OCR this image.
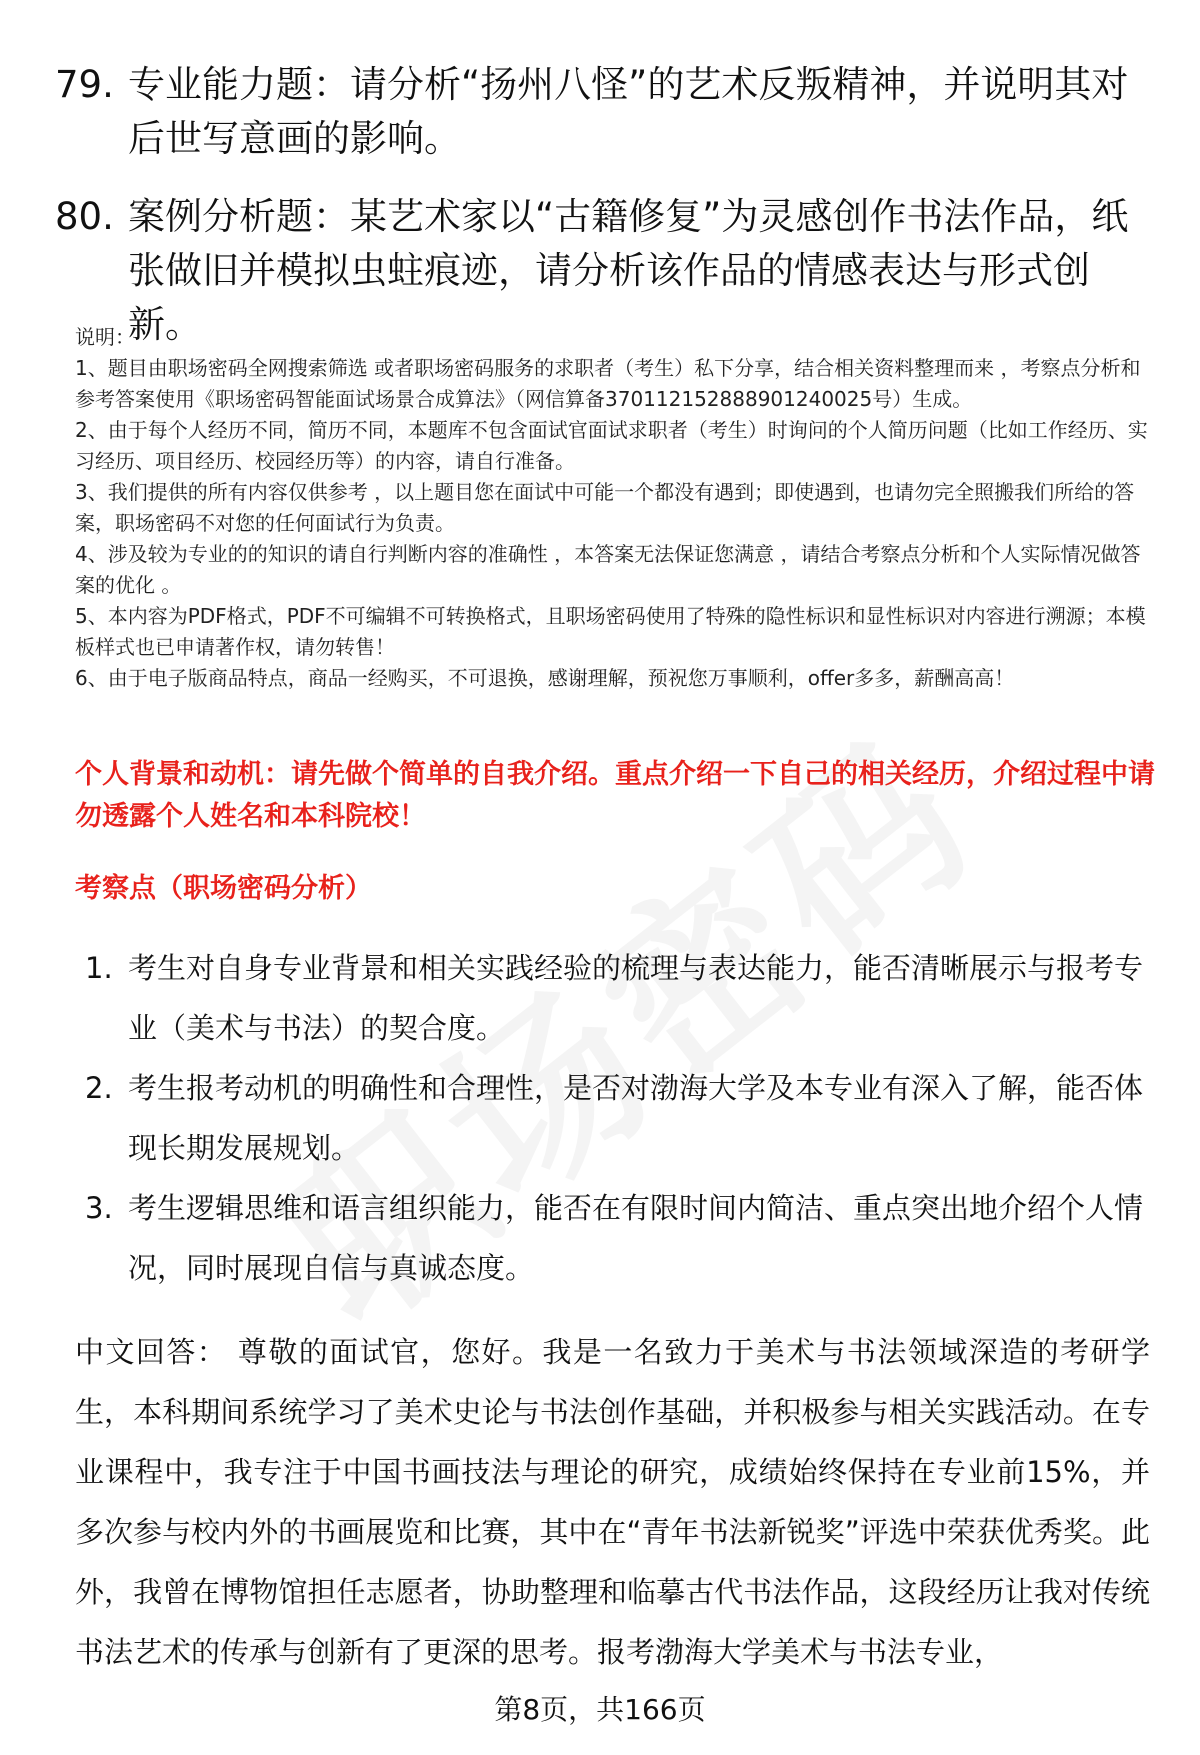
79. 专业能力题：请分析“扬州八怪”的艺术反叛精神，并说明其对后世写意画的影响。
80. 案例分析题：某艺术家以“古籍修复”为灵感创作书法作品，纸张做旧并模拟虫蛀痕迹，请分析该作品的情感表达与形式创新。

说明：

1、题目由职场密码全网搜索筛选 或者职场密码服务的求职者（考生）私下分享，结合相关资料整理而来 ，考察点分析和参考答案使用《职场密码智能面试场景合成算法》（网信算备370112152888901240025号）生成。

2、由于每个人经历不同，简历不同，本题库不包含面试官面试求职者（考生）时询问的个人简历问题（比如工作经历、实习经历、项目经历、校园经历等）的内容，请自行准备。

3、我们提供的所有内容仅供参考 ，以上题目您在面试中可能一个都没有遇到；即使遇到，也请勿完全照搬我们所给的答案，职场密码不对您的任何面试行为负责。

4、涉及较为专业的的知识的请自行判断内容的准确性 ，本答案无法保证您满意 ，请结合考察点分析和个人实际情况做答案的优化 。

5、本内容为PDF格式，PDF不可编辑不可转换格式，且职场密码使用了特殊的隐性标识和显性标识对内容进行溯源；本模板样式也已申请著作权，请勿转售！

6、由于电子版商品特点，商品一经购买，不可退换，感谢理解，预祝您万事顺利，offer多多，薪酬高高！

个人背景和动机：请先做个简单的自我介绍。重点介绍一下自己的相关经历，介绍过程中请勿透露个人姓名和本科院校！
考察点（职场密码分析）
1. 考生对自身专业背景和相关实践经验的梳理与表达能力，能否清晰展示与报考专业（美术与书法）的契合度。
2. 考生报考动机的明确性和合理性，是否对渤海大学及本专业有深入了解，能否体现长期发展规划。
3. 考生逻辑思维和语言组织能力，能否在有限时间内简洁、重点突出地介绍个人情况，同时展现自信与真诚态度。

中文回答： 尊敬的面试官，您好。我是一名致力于美术与书法领域深造的考研学生，本科期间系统学习了美术史论与书法创作基础，并积极参与相关实践活动。在专业课程中，我专注于中国书画技法与理论的研究，成绩始终保持在专业前15%，并多次参与校内外的书画展览和比赛，其中在“青年书法新锐奖”评选中荣获优秀奖。此外，我曾在博物馆担任志愿者，协助整理和临摹古代书法作品，这段经历让我对传统书法艺术的传承与创新有了更深的思考。报考渤海大学美术与书法专业，

第8页，共166页
